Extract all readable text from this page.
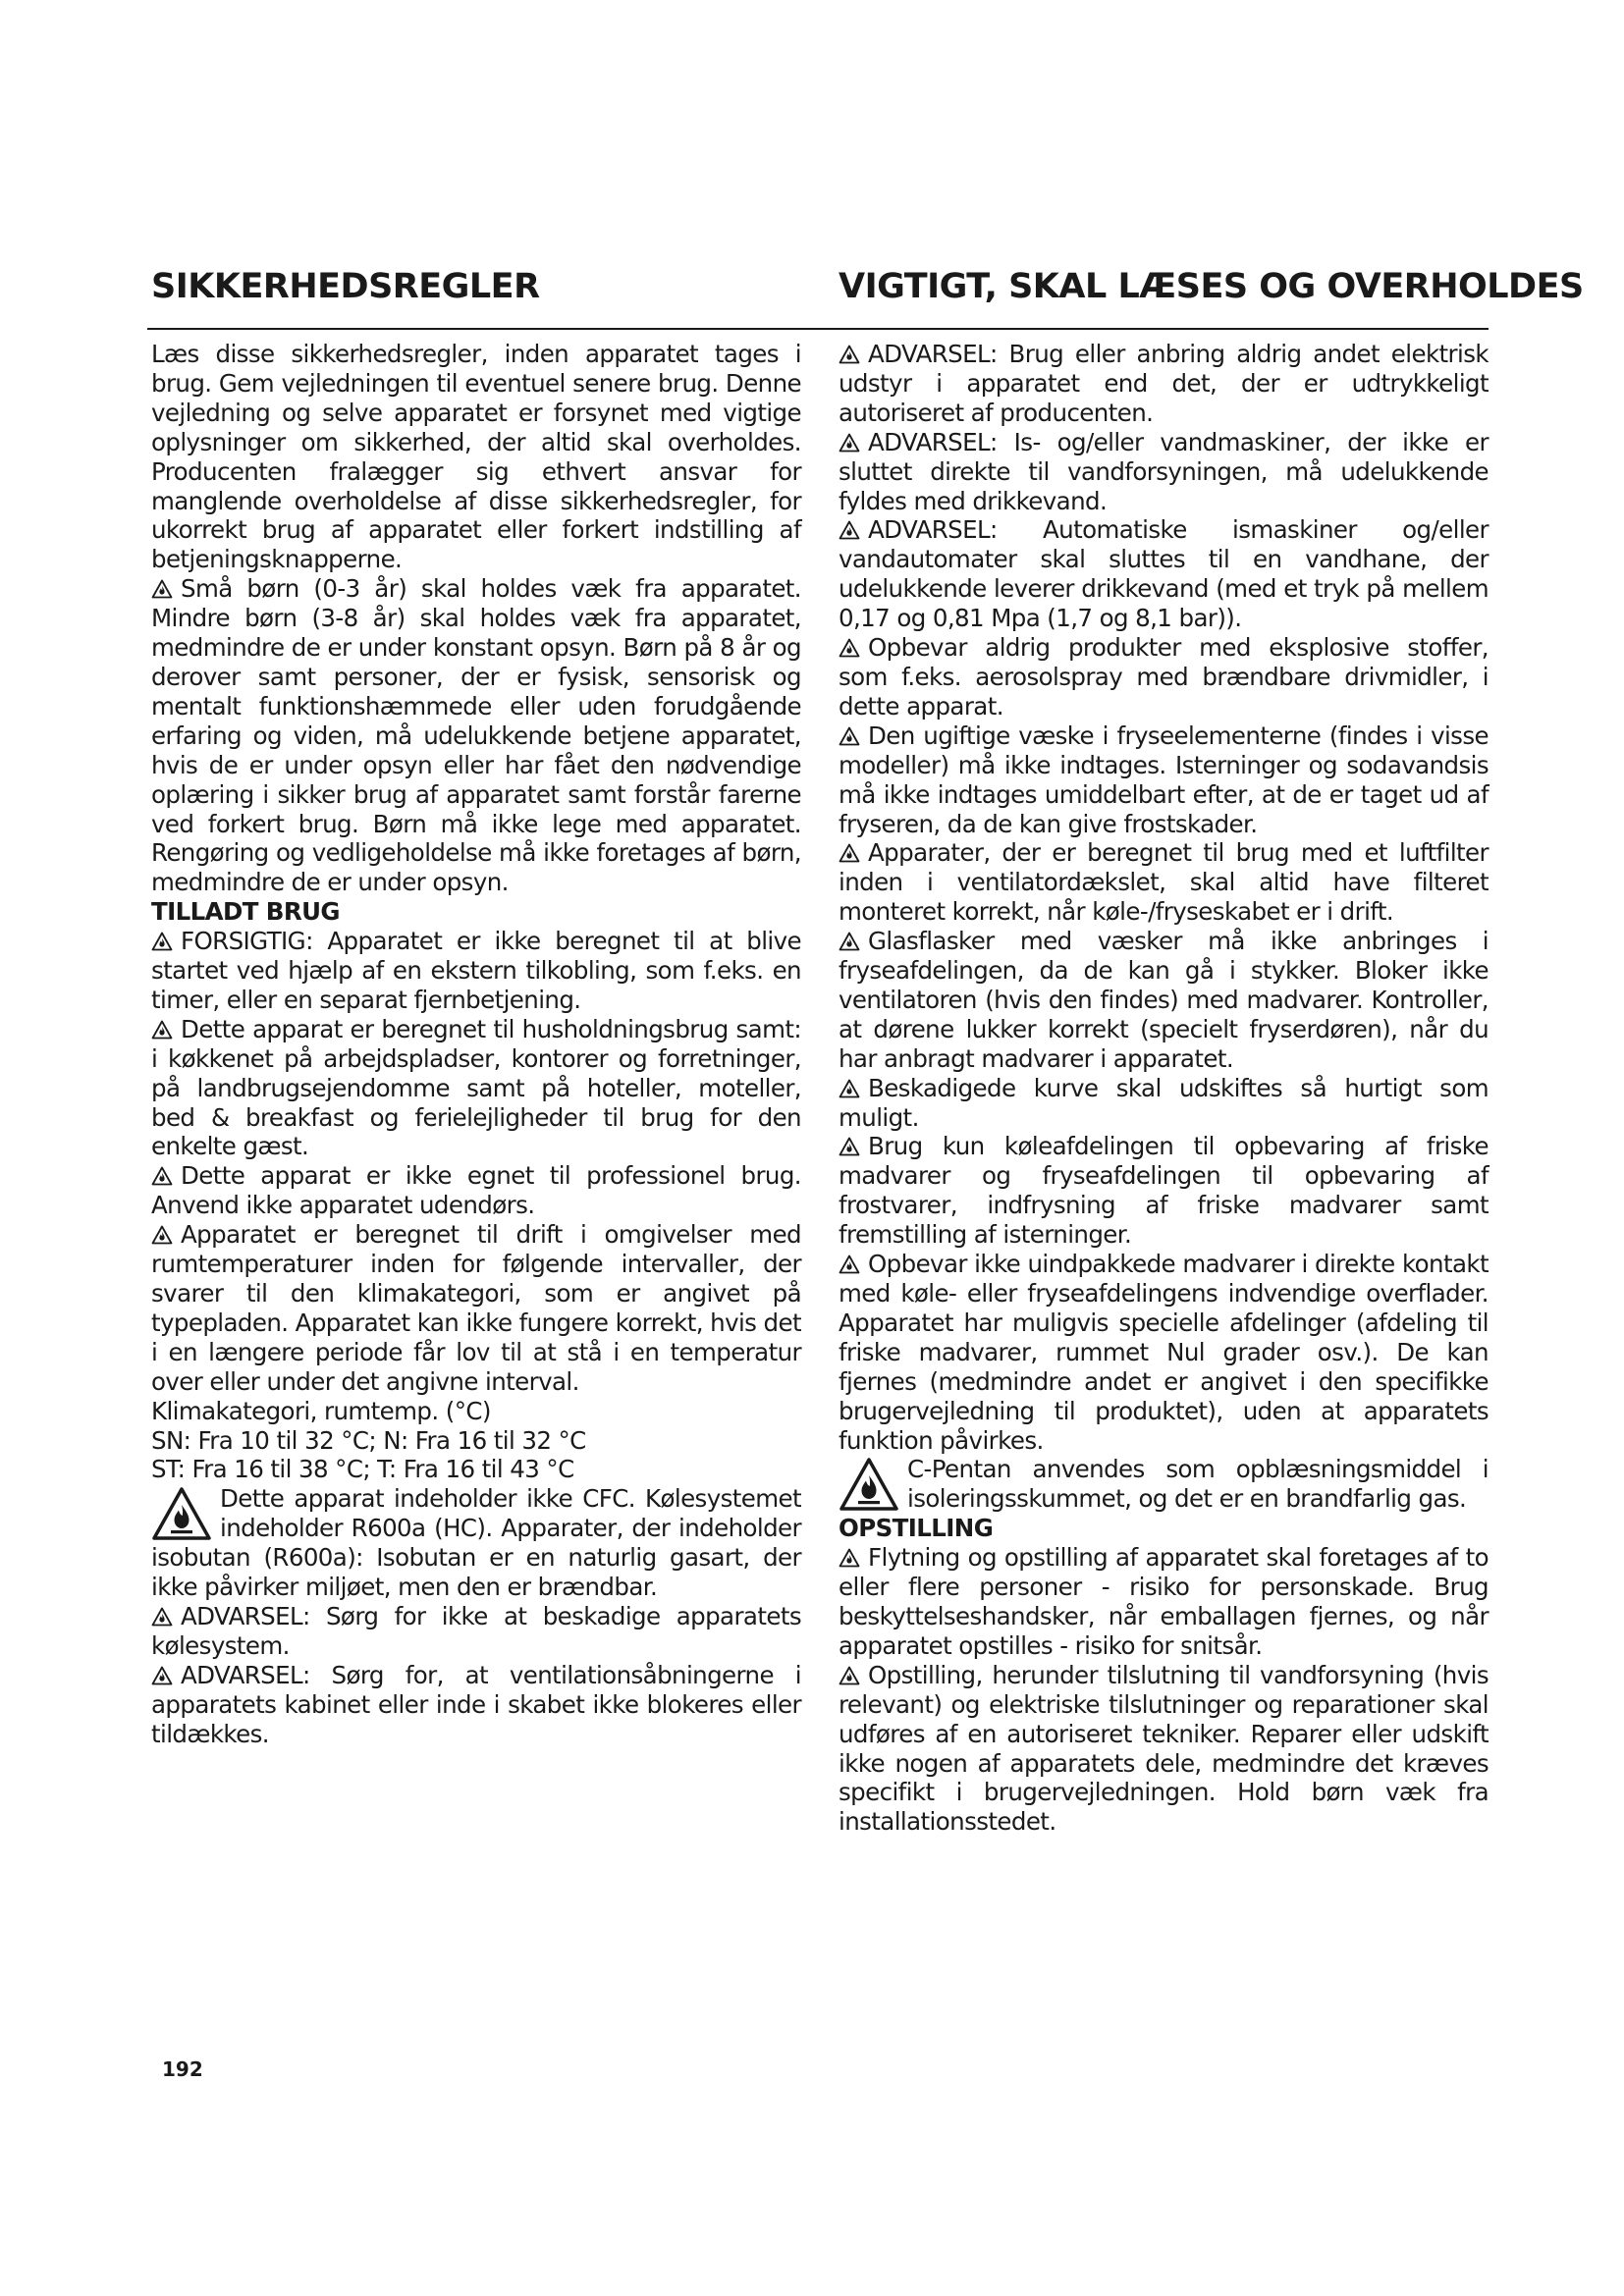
SIKKERHEDSREGLER	VIGTIGT, SKAL LÆSES OG OVERHOLDES

Læs disse sikkerhedsregler, inden apparatet tages i brug. Gem vejledningen til eventuel senere brug. Denne vejledning og selve apparatet er forsynet med vigtige oplysninger om sikkerhed, der altid skal overholdes. Producenten fralægger sig ethvert ansvar for manglende overholdelse af disse sikkerhedsregler, for ukorrekt brug af apparatet eller forkert indstilling af betjeningsknapperne.

Små børn (0-3 år) skal holdes væk fra apparatet. Mindre børn (3-8 år) skal holdes væk fra apparatet, medmindre de er under konstant opsyn. Børn på 8 år og derover samt personer, der er fysisk, sensorisk og mentalt funktionshæmmede eller uden forudgående erfaring og viden, må udelukkende betjene apparatet, hvis de er under opsyn eller har fået den nødvendige oplæring i sikker brug af apparatet samt forstår farerne ved forkert brug. Børn må ikke lege med apparatet. Rengøring og vedligeholdelse må ikke foretages af børn, medmindre de er under opsyn.

TILLADT BRUG

FORSIGTIG: Apparatet er ikke beregnet til at blive startet ved hjælp af en ekstern tilkobling, som f.eks. en timer, eller en separat fjernbetjening.

Dette apparat er beregnet til husholdningsbrug samt: i køkkenet på arbejdspladser, kontorer og forretninger, på landbrugsejendomme samt på hoteller, moteller, bed & breakfast og ferielejligheder til brug for den enkelte gæst.

Dette apparat er ikke egnet til professionel brug. Anvend ikke apparatet udendørs.

Apparatet er beregnet til drift i omgivelser med rumtemperaturer inden for følgende intervaller, der svarer til den klimakategori, som er angivet på typepladen. Apparatet kan ikke fungere korrekt, hvis det i en længere periode får lov til at stå i en temperatur over eller under det angivne interval.

Klimakategori, rumtemp. (°C)

SN: Fra 10 til 32 °C; N: Fra 16 til 32 °C

ST: Fra 16 til 38 °C; T: Fra 16 til 43 °C

Dette apparat indeholder ikke CFC. Kølesystemet indeholder R600a (HC). Apparater, der indeholder isobutan (R600a): Isobutan er en naturlig gasart, der ikke påvirker miljøet, men den er brændbar.

ADVARSEL: Sørg for ikke at beskadige apparatets kølesystem.

ADVARSEL: Sørg for, at ventilationsåbningerne i apparatets kabinet eller inde i skabet ikke blokeres eller tildækkes.

ADVARSEL: Brug eller anbring aldrig andet elektrisk udstyr i apparatet end det, der er udtrykkeligt autoriseret af producenten.

ADVARSEL: Is- og/eller vandmaskiner, der ikke er sluttet direkte til vandforsyningen, må udelukkende fyldes med drikkevand.

ADVARSEL: Automatiske ismaskiner og/eller vandautomater skal sluttes til en vandhane, der udelukkende leverer drikkevand (med et tryk på mellem 0,17 og 0,81 Mpa (1,7 og 8,1 bar)).

Opbevar aldrig produkter med eksplosive stoffer, som f.eks. aerosolspray med brændbare drivmidler, i dette apparat.

Den ugiftige væske i fryseelementerne (findes i visse modeller) må ikke indtages. Isterninger og sodavandsis må ikke indtages umiddelbart efter, at de er taget ud af fryseren, da de kan give frostskader.

Apparater, der er beregnet til brug med et luftfilter inden i ventilatordækslet, skal altid have filteret monteret korrekt, når køle-/fryseskabet er i drift.

Glasflasker med væsker må ikke anbringes i fryseafdelingen, da de kan gå i stykker. Bloker ikke ventilatoren (hvis den findes) med madvarer. Kontroller, at dørene lukker korrekt (specielt fryserdøren), når du har anbragt madvarer i apparatet.

Beskadigede kurve skal udskiftes så hurtigt som muligt.

Brug kun køleafdelingen til opbevaring af friske madvarer og fryseafdelingen til opbevaring af frostvarer, indfrysning af friske madvarer samt fremstilling af isterninger.

Opbevar ikke uindpakkede madvarer i direkte kontakt med køle- eller fryseafdelingens indvendige overflader. Apparatet har muligvis specielle afdelinger (afdeling til friske madvarer, rummet Nul grader osv.). De kan fjernes (medmindre andet er angivet i den specifikke brugervejledning til produktet), uden at apparatets funktion påvirkes.

C-Pentan anvendes som opblæsningsmiddel i isoleringsskummet, og det er en brandfarlig gas.

OPSTILLING

Flytning og opstilling af apparatet skal foretages af to eller flere personer - risiko for personskade. Brug beskyttelseshandsker, når emballagen fjernes, og når apparatet opstilles - risiko for snitsår.

Opstilling, herunder tilslutning til vandforsyning (hvis relevant) og elektriske tilslutninger og reparationer skal udføres af en autoriseret tekniker. Reparer eller udskift ikke nogen af apparatets dele, medmindre det kræves specifikt i brugervejledningen. Hold børn væk fra installationsstedet.

192
